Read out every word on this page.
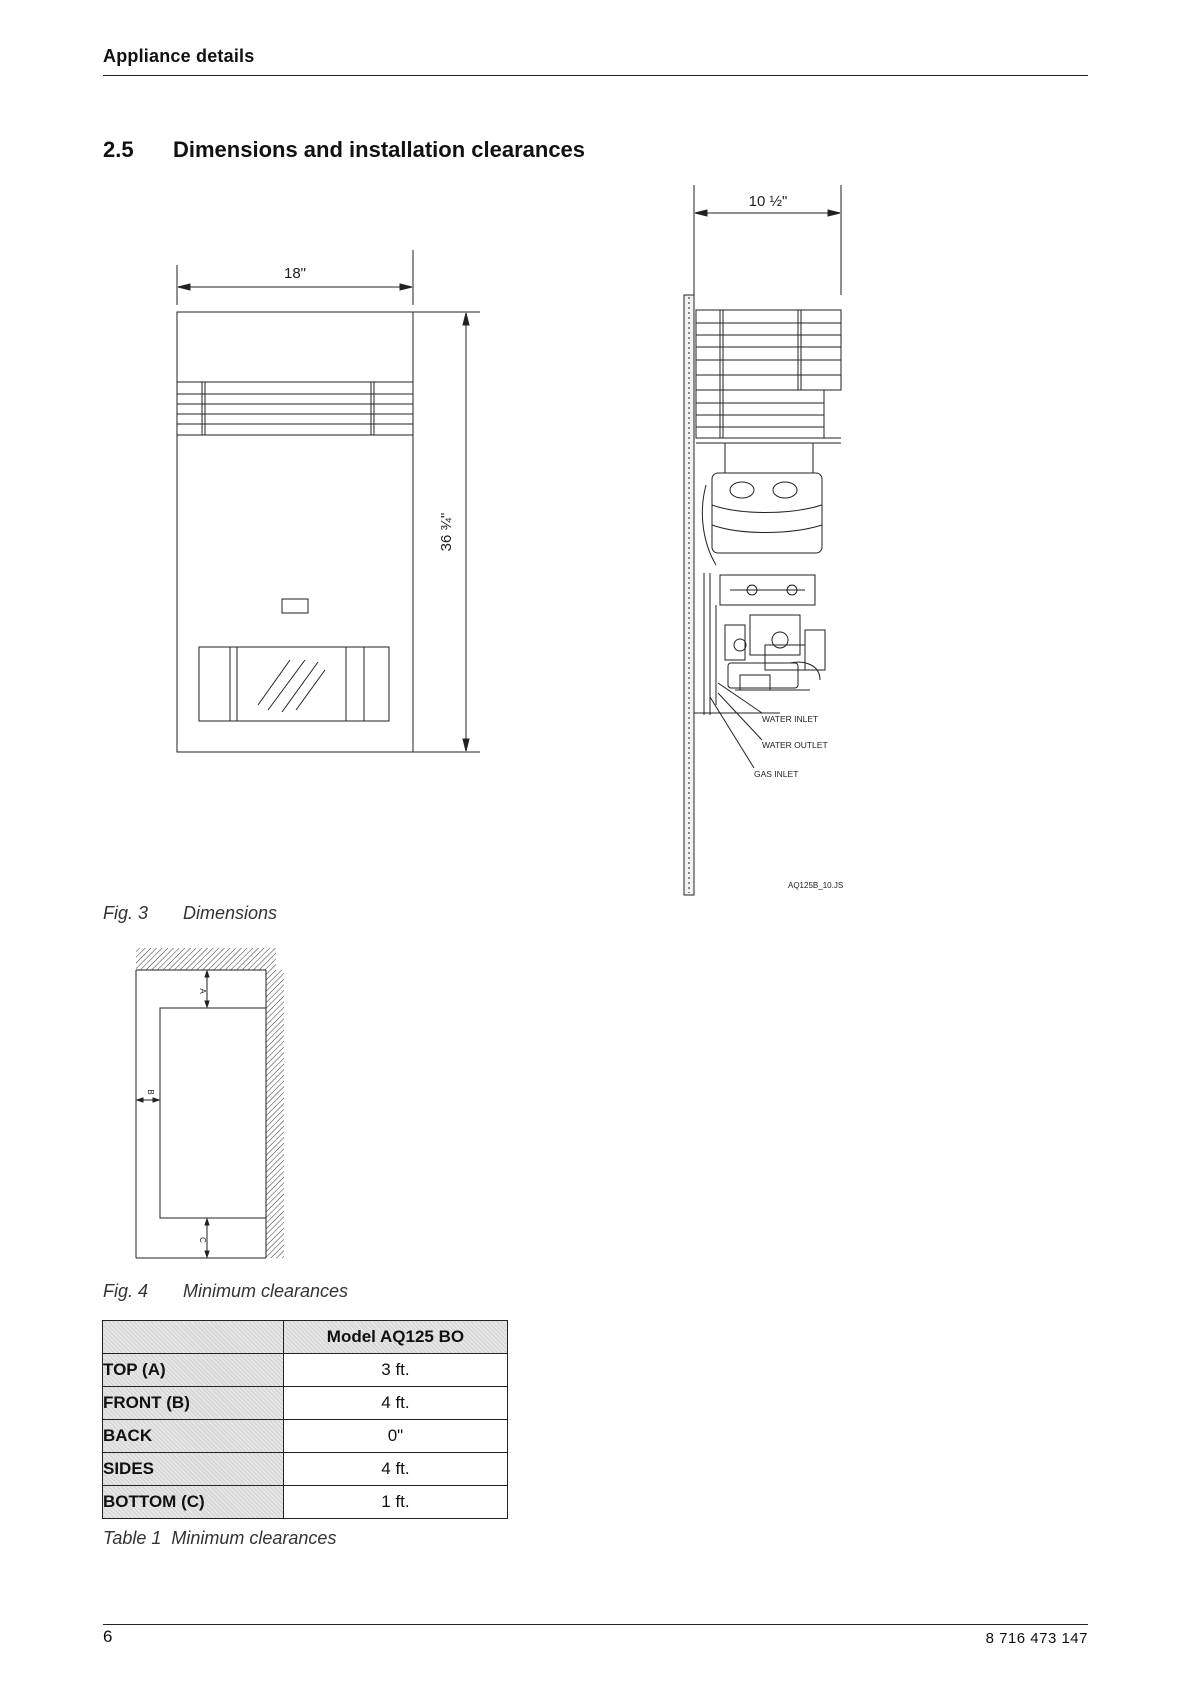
Appliance details
2.5 Dimensions and installation clearances
18"
36 ¾"
Fig. 3 Dimensions
10 ½"
WATER INLET
WATER OUTLET
GAS INLET
AQ125B_10.JS
A
B
C
Fig. 4 Minimum clearances
	Model AQ125 BO
TOP (A)	3 ft.
FRONT (B)	4 ft.
BACK	0"
SIDES	4 ft.
BOTTOM (C)	1 ft.
Table 1  Minimum clearances
6	8 716 473 147
